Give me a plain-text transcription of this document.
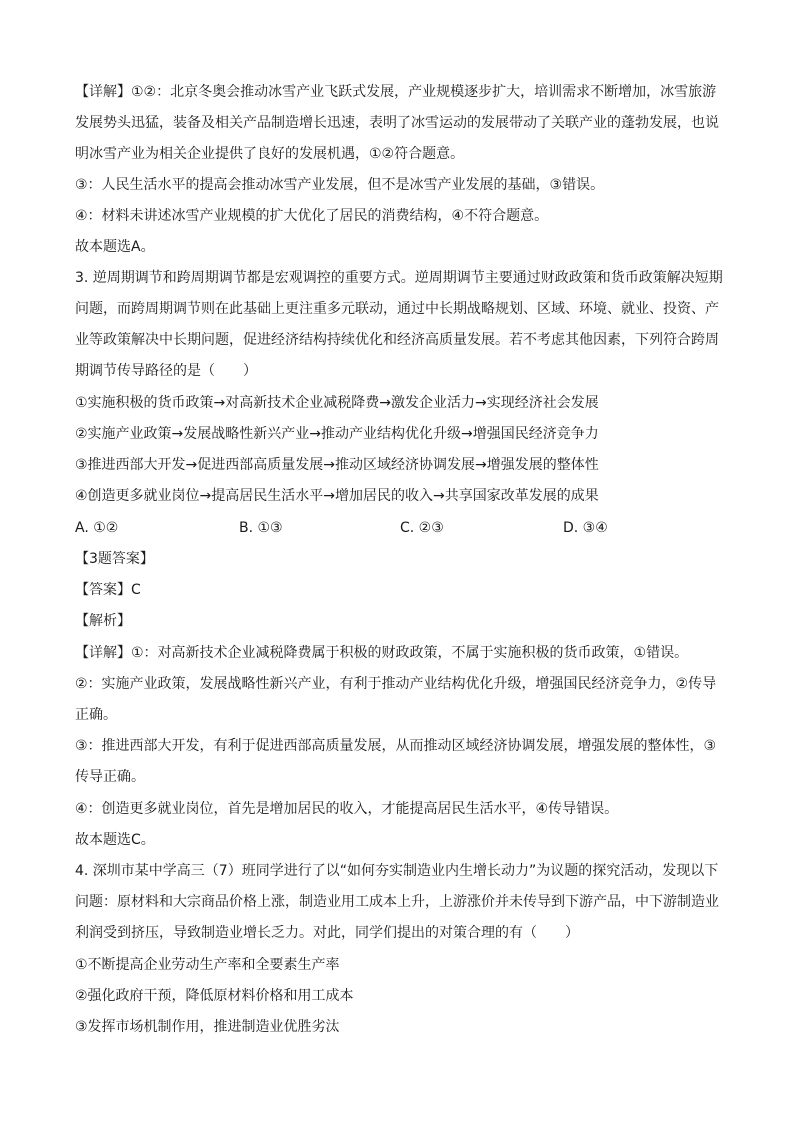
【详解】①②：北京冬奥会推动冰雪产业飞跃式发展，产业规模逐步扩大，培训需求不断增加，冰雪旅游
发展势头迅猛，装备及相关产品制造增长迅速，表明了冰雪运动的发展带动了关联产业的蓬勃发展，也说
明冰雪产业为相关企业提供了良好的发展机遇，①②符合题意。
③：人民生活水平的提高会推动冰雪产业发展，但不是冰雪产业发展的基础，③错误。
④：材料未讲述冰雪产业规模的扩大优化了居民的消费结构，④不符合题意。
故本题选A。
3. 逆周期调节和跨周期调节都是宏观调控的重要方式。逆周期调节主要通过财政政策和货币政策解决短期
问题，而跨周期调节则在此基础上更注重多元联动，通过中长期战略规划、区域、环境、就业、投资、产
业等政策解决中长期问题，促进经济结构持续优化和经济高质量发展。若不考虑其他因素，下列符合跨周
期调节传导路径的是（　　）
①实施积极的货币政策→对高新技术企业减税降费→激发企业活力→实现经济社会发展
②实施产业政策→发展战略性新兴产业→推动产业结构优化升级→增强国民经济竞争力
③推进西部大开发→促进西部高质量发展→推动区域经济协调发展→增强发展的整体性
④创造更多就业岗位→提高居民生活水平→增加居民的收入→共享国家改革发展的成果
A. ①②	B. ①③	C. ②③	D. ③④
【3题答案】
【答案】C
【解析】
【详解】①：对高新技术企业减税降费属于积极的财政政策，不属于实施积极的货币政策，①错误。
②：实施产业政策，发展战略性新兴产业，有利于推动产业结构优化升级，增强国民经济竞争力，②传导
正确。
③：推进西部大开发，有利于促进西部高质量发展，从而推动区域经济协调发展，增强发展的整体性，③
传导正确。
④：创造更多就业岗位，首先是增加居民的收入，才能提高居民生活水平，④传导错误。
故本题选C。
4. 深圳市某中学高三（7）班同学进行了以“如何夯实制造业内生增长动力”为议题的探究活动，发现以下
问题：原材料和大宗商品价格上涨，制造业用工成本上升，上游涨价并未传导到下游产品，中下游制造业
利润受到挤压，导致制造业增长乏力。对此，同学们提出的对策合理的有（　　）
①不断提高企业劳动生产率和全要素生产率
②强化政府干预，降低原材料价格和用工成本
③发挥市场机制作用，推进制造业优胜劣汰
